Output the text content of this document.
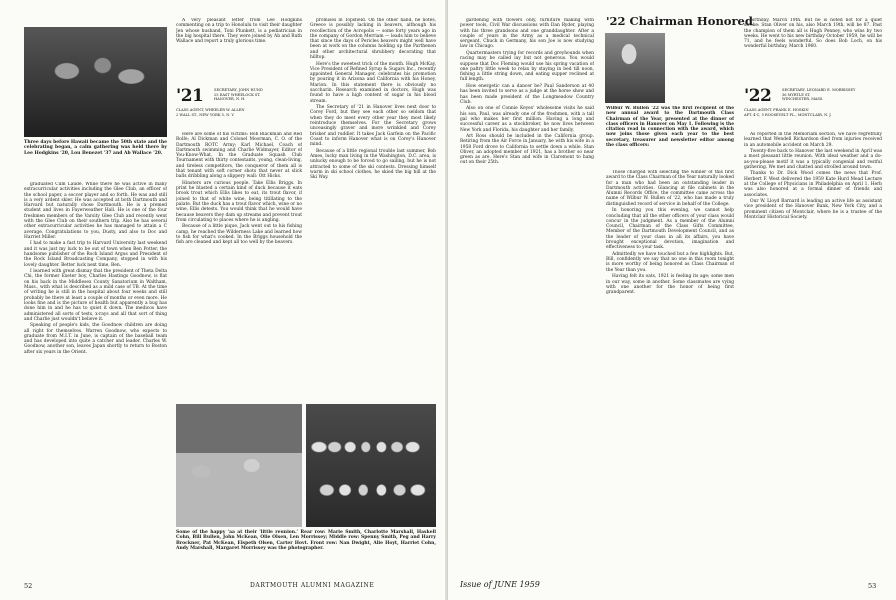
Three days before Hawaii became the 50th state and the celebrating began, a calm gathering was held there by Lee Hodgkins '20, Lou Benezet '37 and Ab Wallace '20.

graduated Cum Laude. While there he was active in many extracurricular activities including the Glee Club, an officer of the school paper, a soccer player and so forth. He was and still is a very ardent skier. He was accepted at both Dartmouth and Harvard but naturally chose Dartmouth. He is a premed student and lives in Fayerweather Hall. He is one of the four freshmen members of the Varsity Glee Club and recently went with the Glee Club on their southern trip. Also he has several other extracurricular activities he has managed to attain a C average. Congratulations to you, Dusty, and also to Doc and Harriet Miller.

I had to make a fast trip to Harvard University last weekend and it was just my luck to be out of town when Ben Potter, the handsome publisher of the Rock Island Argus and President of the Rock Island Broadcasting Company, stopped in with his lovely daughter. Better luck next time, Ben.

I learned with great dismay that the president of Theta Delta Chi, the former Exeter boy, Charles Hastings Goodnow, is flat on his back in the Middlesex County Sanatorium in Waltham, Mass., with what is described as a mild case of TB. At the time of writing he is still in the hospital about four weeks and still probably be there at least a couple of months or even more. He looks fine and is the picture of health but apparently a bug has done him in and he has to quiet it down. The medicos have administered all sorts of tests, x-rays and all that sort of thing and Charlie just wouldn't believe it.

Speaking of people's kids, the Goodnow children are doing all right for themselves. Warren Goodnow, who expects to graduate from M.I.T. in June, is captain of the baseball team and has developed into quite a catcher and leader. Charles W. Goodnow, another son, leaves Japan shortly to return to Boston after six years in the Orient.

A very pleasant letter from Lee Hodgkins commenting on a trip to Honolulu to visit their daughter Jen whose husband, Toni Plunkett, is a pediatrician in the big hospital there. They were joined by Ab and Ruth Wallace and report a truly glorious time.

'21	SECRETARY, JOHN HUND
25 EAST WHEELOCK ST.
HANOVER, N. H.
CLASS AGENT, WHEELER W. ALLEN
2 WALL ST., NEW YORK 5, N. Y.

Here are some of his victims: Bob Blackman and Red Rolfe; Al Dickman and Colonel Moorman, C. O. of the Dartmouth ROTC Army; Karl Michael, Coach of Dartmouth swimming and Charlie Widmayer, Editor of You-Know-What. In the Graduate Squash Club Tournament with thirty contestants, young, clean-living, and tireless competitors, the conqueror of them all is that tenant with soft corner shots that never at slick balls dribbling along a slippery wall: Ott Hicks.

Hinsters are curious people. Take Ellis Briggs. In print he blasted a certain kind of duck because it eats brook trout which Ellis likes to eat, its trout flavor, if joined to that of white wine, being titillating to the palate. But the duck has a trout flavor which, wine or no wine, Ellis detests. You would think that he would have because beavers they dam up streams and prevent trout from circulating to places where he is angling.

Because of a little pique, Jack went out to his fishing camp, he reached the Wilderness Lake and learned how to fish for what's cooked. In the Briggs household the fish are cleaned and kept all too well by the beavers.

promises in Topsfield. On the other hand, he notes, Greece is possibly lacking in beavers, although his recollection of the Acropolis — some forty years ago in the company of Gordon Merriam — leads him to believe that since the days of Pericles beavers might well have been at work on the columns holding up the Parthenon and other architectural shrubbery decorating that hilltop.

Here's the sweetest trick of the month. Hugh McKay, Vice President of Refined Syrup & Sugars Inc., recently appointed General Manager, celebrates his promotion by pouring it in Arizona and California with his Honey, Marion. In this statement there is obviously no saccharin. Research examined in doctors, Hugh was found to have a high content of sugar in his blood stream.

The Secretary of '21 in Hanover lives next door to Corey Ford, but they see each other so seldom that when they do meet every other year they most likely reintroduce themselves. For the Secretary grows unceasingly graver and more wrinkled and Corey brisker and ruddier. It takes Jack Garfein on the Pacific Coast to inform Hanover what is on Corey's Hanover mind.

Because of a little regional trouble last summer, Bob Ames, lucky man living in the Washington, D.C. area, is unlucky enough to be forced to go sailing, but he is not attracted to some of the ski contests. Dressing himself warm in ski school clothes, he skied the big hill at the Ski Way.

Some of the happy 'aa at their 'little reunion.' Rear row: Marie Smith, Charlotte Marshall, Haskell Cohn, Bill Bullen, John McKean, Olie Olsen, Len Morrissey; Middle row: Spenny Smith, Peg and Harry Brockner, Pat McKean, Elspeth Olsen, Carter Hovt. Front row: Nan Dwight, Alie Hoyt, Harriet Cohn, Andy Marshall, Margaret Morrissey was the photographer.
52	DARTMOUTH ALUMNI MAGAZINE

gardening with flowers only, furniture making with power tools, Civil War discussions with Dan Ryder, playing with his three grandsons and one granddaughter. After a couple of years in the Army as a medical technical sergeant, Chuck in Germany, his son Joe is now studying law in Chicago.

Quartermasters trying for records and greyhounds when racing may be called lay but not generous. You would suppose that Doc Fleming would use his spring vacation of one paltry little week to relax by staying in bed till noon, fishing a little string down, and eating supper reclined at full length.

How energetic can a dancer be? Paul Sanderson at 40 has been invited to serve as a judge at the horse show and has been made president of the Longmeadow Country Club.

Also on one of Connie Keyes' wholesome visits he said his son, Paul, was already one of the freshmen, with a tall gal who makes her first million. Having a long and successful career as a stockbroker, he now lives between New York and Florida, his daughter and her family.

Art Ross should be included in the California group. Retiring from the Air Force in January, he with his wife in a 1958 Ford drove to California to settle down a while. Stan Oliver, an adopted member of 1921, has a brother so near green as are. Here's Stan and wife in Claremont to hang out on their 25th.

'22 Chairman Honored

Wilbur W. Bullen '22 was the first recipient of the new annual award to the Dartmouth Class Chairman of the Year, presented at the dinner of class officers in Hanover on May 1. Following is the citation read in connection with the award, which now joins those given each year to the best secretary, treasurer and newsletter editor among the class officers:

Those charged with selecting the winner of this first award to the Class Chairman of the Year naturally looked for a man who had been an outstanding leader in Dartmouth activities. Glancing at file cabinets in the Alumni Records Office, the committee came across the name of Wilbur W. Bullen of '22, who has made a truly distinguished record of service in behalf of the College.

In honoring you this evening, we cannot help concluding that all the other officers of your class would concur in the judgment. As a member of the Alumni Council, Chairman of the Class Gifts Committee, Member of the Dartmouth Development Council, and as the leader of your class in all its affairs, you have brought exceptional devotion, imagination and effectiveness to your task.

Admittedly we have touched but a few highlights. But, Bill, confidently we say that no one in this room tonight is more worthy of being honored as Class Chairman of the Year than you.

Having felt its oats, 1921 is feeling its age; some men in our way, some in another. Some classmates are vying with one another for the honor of being first grandparent.

birthday. March 19th. But he is noted not for a quiet stroke: Stan Oliver on his, also March 19th, will be 87. Past the champion of them all is Hugh Penney, who wins by two weeks. He went to his new birthday October 1959, he will be 71, and he feels wonderful. So does Bob Loch, on his wonderful birthday, March 1960.

'22	SECRETARY, LEONARD E. MORRISSEY
36 MYRTLE ST.
WINCHESTER, MASS.
CLASS AGENT, FRANK E. HOSKIN
APT. 4-C, 5 ROOSEVELT PL., MONTCLAIR, N. J.

As reported in the Memoriam section, we have regretfully learned that Wendell Richardson died from injuries received in an automobile accident on March 29.

Twenty-five back to Hanover the last weekend in April was a most pleasant little reunion. With ideal weather and a do-as-you-please motif it was a typically congenial and restful gathering. We met and chatted and strolled around town.

Thanks to Dr. Dick Wood comes the news that Prof. Herbert F. West delivered the 1959 Kate Hurd Mead Lecture at the College of Physicians in Philadelphia on April 1. Herb was also honored at a formal dinner of friends and associates.

Our W. Lloyd Barnard is leading an active life as assistant vice president of the Hanover Bank, New York City, and a prominent citizen of Montclair, where he is a trustee of the Montclair Historical Society.

Issue of JUNE 1959	53
